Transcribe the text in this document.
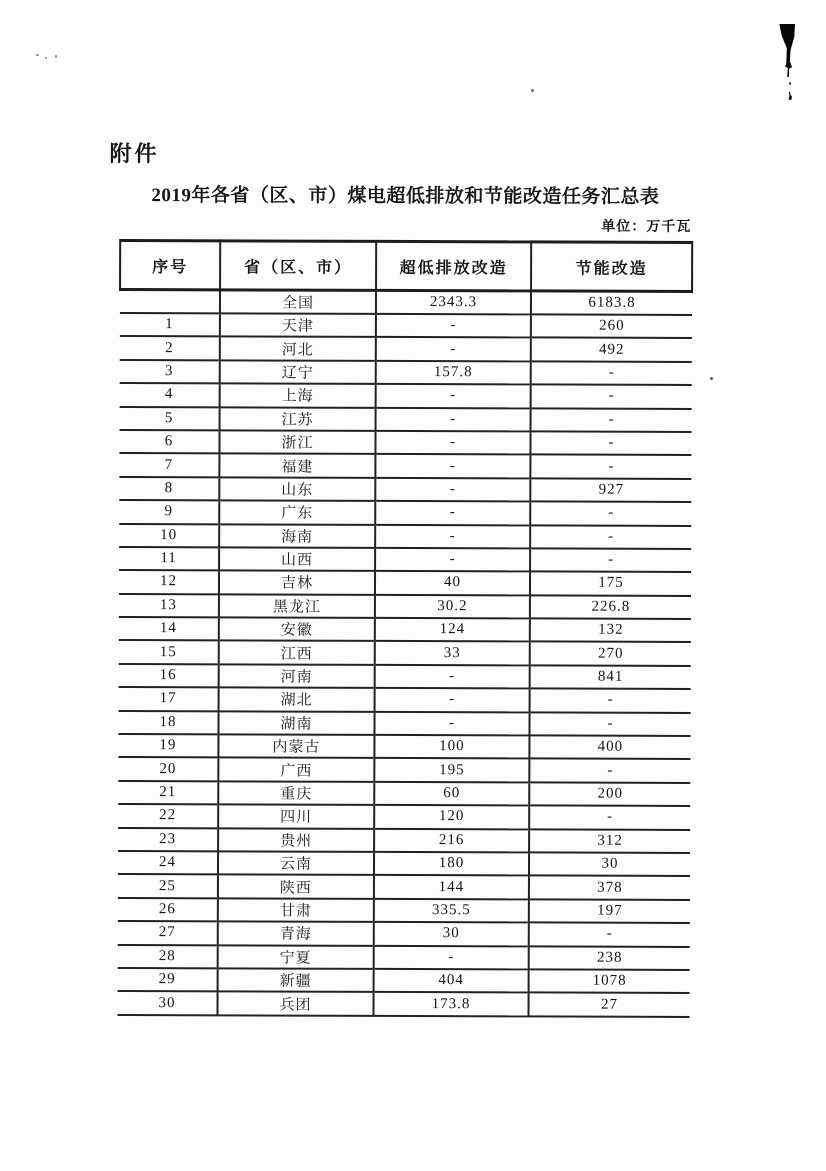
附件
2019年各省（区、市）煤电超低排放和节能改造任务汇总表
单位：万千瓦
序号	省（区、市）	超低排放改造	节能改造
	全国	2343.3	6183.8
1	天津	-	260
2	河北	-	492
3	辽宁	157.8	-
4	上海	-	-
5	江苏	-	-
6	浙江	-	-
7	福建	-	-
8	山东	-	927
9	广东	-	-
10	海南	-	-
11	山西	-	-
12	吉林	40	175
13	黑龙江	30.2	226.8
14	安徽	124	132
15	江西	33	270
16	河南	-	841
17	湖北	-	-
18	湖南	-	-
19	内蒙古	100	400
20	广西	195	-
21	重庆	60	200
22	四川	120	-
23	贵州	216	312
24	云南	180	30
25	陕西	144	378
26	甘肃	335.5	197
27	青海	30	-
28	宁夏	-	238
29	新疆	404	1078
30	兵团	173.8	27
